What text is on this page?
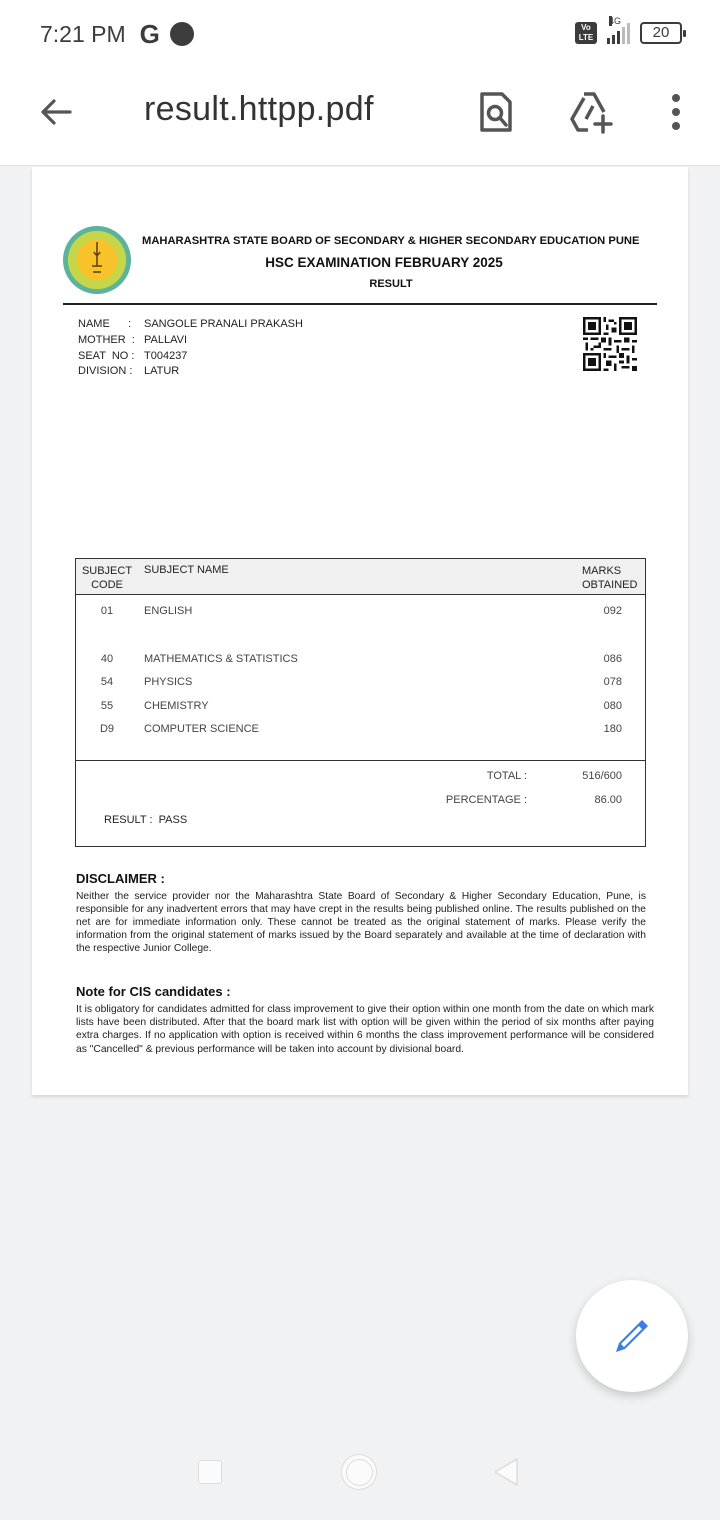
7:21 PM G	Vo LTE
4G
20
result.httpp.pdf
MAHARASHTRA STATE BOARD OF SECONDARY & HIGHER SECONDARY EDUCATION PUNE
HSC EXAMINATION FEBRUARY 2025
RESULT
NAME      :	SANGOLE PRANALI PRAKASH
MOTHER  : PALLAVI
SEAT  NO : T004237
DIVISION :	LATUR
SUBJECT CODE
SUBJECT NAME	MARKS OBTAINED
01	ENGLISH	092
40	MATHEMATICS & STATISTICS	086
54	PHYSICS	078
55	CHEMISTRY	080
D9	COMPUTER SCIENCE	180
TOTAL :	516/600
PERCENTAGE :	86.00
RESULT : PASS
DISCLAIMER :
Neither the service provider nor the Maharashtra State Board of Secondary & Higher Secondary Education, Pune, is responsible for any inadvertent errors that may have crept in the results being published online. The results published on the net are for immediate information only. These cannot be treated as the original statement of marks. Please verify the information from the original statement of marks issued by the Board separately and available at the time of declaration with the respective Junior College.
Note for CIS candidates :
It is obligatory for candidates admitted for class improvement to give their option within one month from the date on which mark lists have been distributed. After that the board mark list with option will be given within the period of six months after paying extra charges. If no application with option is received within 6 months the class improvement performance will be considered as "Cancelled" & previous performance will be taken into account by divisional board.
